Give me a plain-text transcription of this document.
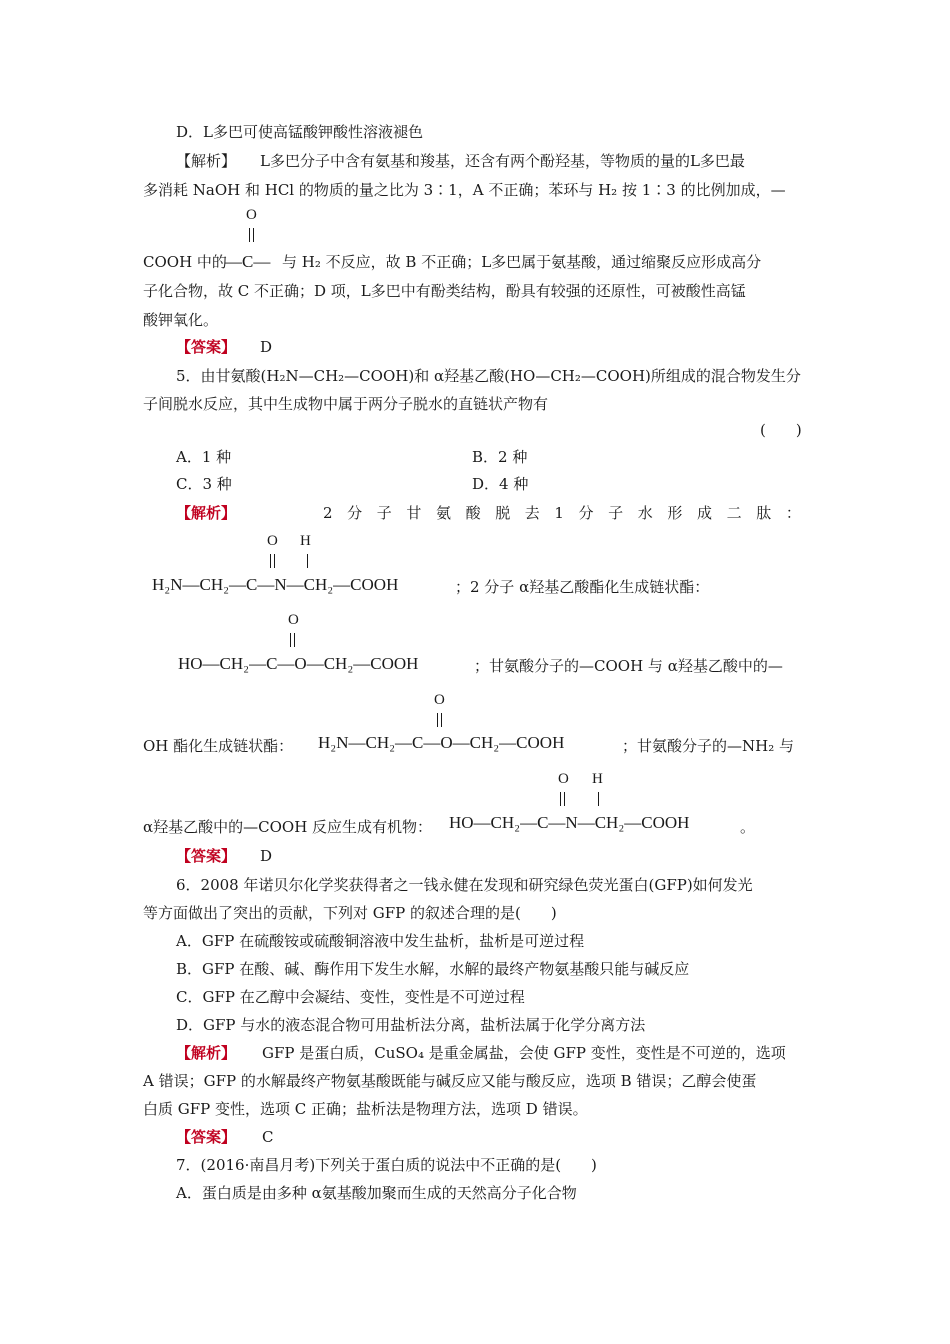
D．L多巴可使高锰酸钾酸性溶液褪色
【解析】 L多巴分子中含有氨基和羧基，还含有两个酚羟基，等物质的量的L多巴最
多消耗 NaOH 和 HCl 的物质的量之比为 3∶1，A 不正确；苯环与 H₂ 按 1∶3 的比例加成，—
O
COOH 中的
—C— 与 H₂ 不反应，故 B 不正确；L多巴属于氨基酸，通过缩聚反应形成高分
子化合物，故 C 不正确；D 项，L多巴中有酚类结构，酚具有较强的还原性，可被酸性高锰
酸钾氧化。
【答案】 D
5．由甘氨酸(H₂N—CH₂—COOH)和 α羟基乙酸(HO—CH₂—COOH)所组成的混合物发生分
子间脱水反应，其中生成物中属于两分子脱水的直链状产物有
(　　)
A．1 种	B．2 种
C．3 种	D．4 种
【解析】	2 分 子 甘 氨 酸 脱 去 1 分 子 水 形 成 二 肽 ：
O H
H₂N—CH₂—C—N—CH₂—COOH	；2 分子 α羟基乙酸酯化生成链状酯：
O
HO—CH₂—C—O—CH₂—COOH	；甘氨酸分子的—COOH 与 α羟基乙酸中的—
O
OH 酯化生成链状酯： H₂N—CH₂—C—O—CH₂—COOH	；甘氨酸分子的—NH₂ 与
O H
α羟基乙酸中的—COOH 反应生成有机物： HO—CH₂—C—N—CH₂—COOH	。
【答案】 D
6．2008 年诺贝尔化学奖获得者之一钱永健在发现和研究绿色荧光蛋白(GFP)如何发光
等方面做出了突出的贡献，下列对 GFP 的叙述合理的是(　　)
A．GFP 在硫酸铵或硫酸铜溶液中发生盐析，盐析是可逆过程
B．GFP 在酸、碱、酶作用下发生水解，水解的最终产物氨基酸只能与碱反应
C．GFP 在乙醇中会凝结、变性，变性是不可逆过程
D．GFP 与水的液态混合物可用盐析法分离，盐析法属于化学分离方法
【解析】 GFP 是蛋白质，CuSO₄ 是重金属盐，会使 GFP 变性，变性是不可逆的，选项
A 错误；GFP 的水解最终产物氨基酸既能与碱反应又能与酸反应，选项 B 错误；乙醇会使蛋
白质 GFP 变性，选项 C 正确；盐析法是物理方法，选项 D 错误。
【答案】 C
7．(2016·南昌月考)下列关于蛋白质的说法中不正确的是(　　)
A．蛋白质是由多种 α氨基酸加聚而生成的天然高分子化合物
